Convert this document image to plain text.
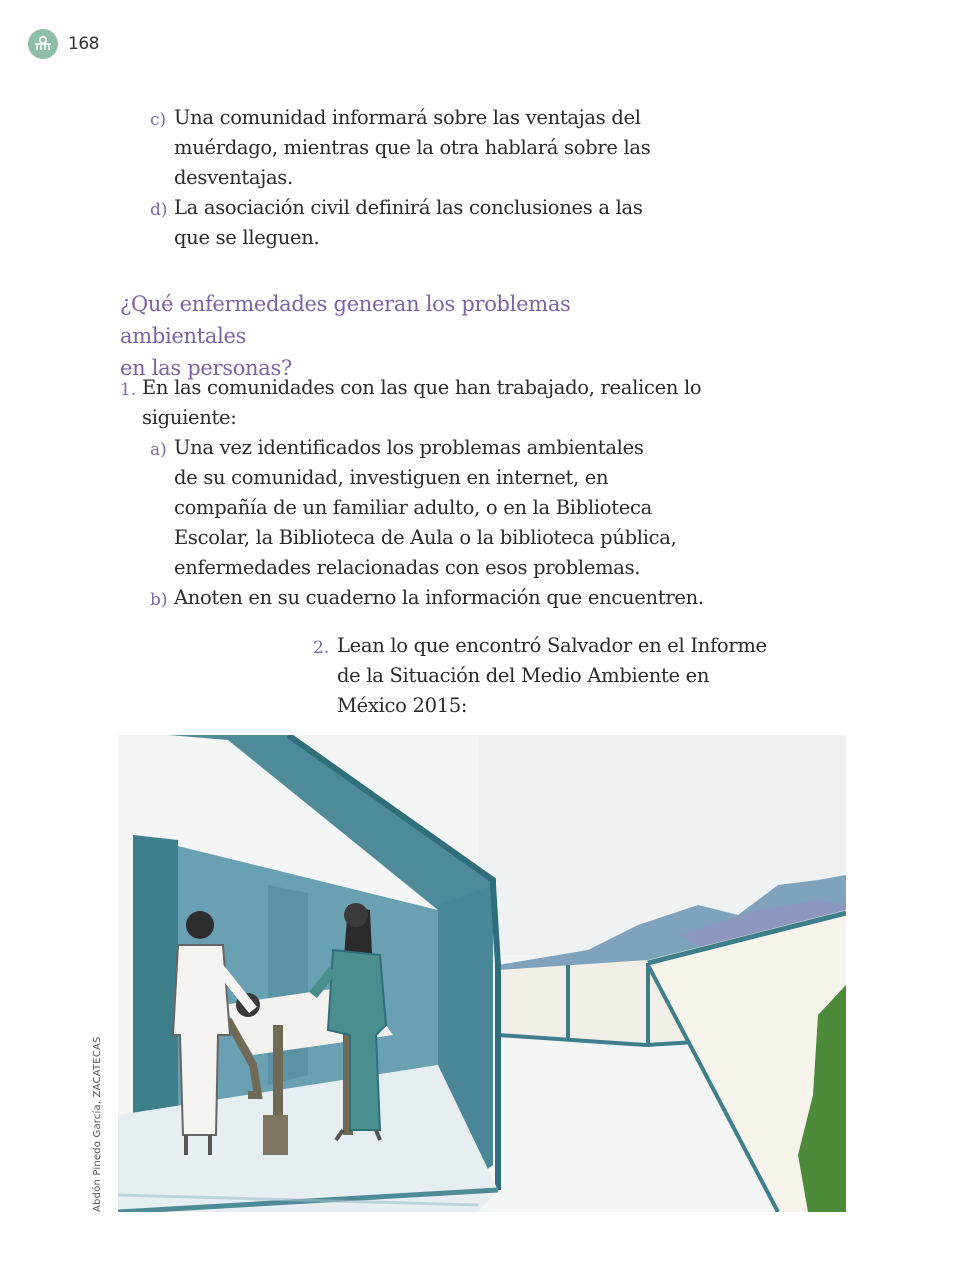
168
c) Una comunidad informará sobre las ventajas del
muérdago, mientras que la otra hablará sobre las
desventajas.
d) La asociación civil definirá las conclusiones a las
que se lleguen.
¿Qué enfermedades generan los problemas ambientales
en las personas?
1. En las comunidades con las que han trabajado, realicen lo
siguiente:
a) Una vez identificados los problemas ambientales
de su comunidad, investiguen en internet, en
compañía de un familiar adulto, o en la Biblioteca
Escolar, la Biblioteca de Aula o la biblioteca pública,
enfermedades relacionadas con esos problemas.
b) Anoten en su cuaderno la información que encuentren.
2. Lean lo que encontró Salvador en el Informe
de la Situación del Medio Ambiente en
México 2015:
Abdón Pinedo García, ZACATECAS
